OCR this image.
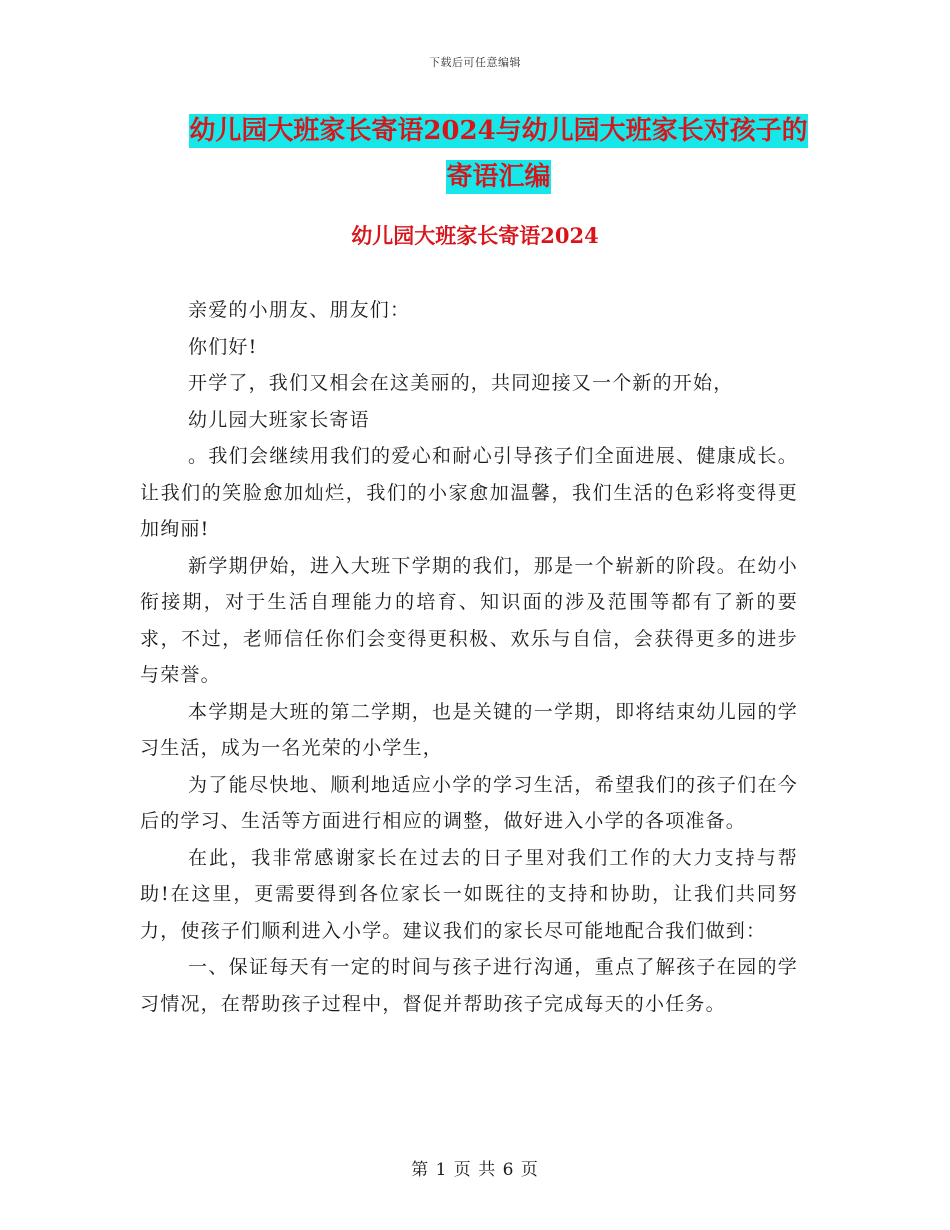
下载后可任意编辑
幼儿园大班家长寄语2024与幼儿园大班家长对孩子的寄语汇编
幼儿园大班家长寄语2024

亲爱的小朋友、朋友们：

你们好!

开学了，我们又相会在这美丽的，共同迎接又一个新的开始，

幼儿园大班家长寄语

。我们会继续用我们的爱心和耐心引导孩子们全面进展、健康成长。让我们的笑脸愈加灿烂，我们的小家愈加温馨，我们生活的色彩将变得更加绚丽!

新学期伊始，进入大班下学期的我们，那是一个崭新的阶段。在幼小衔接期，对于生活自理能力的培育、知识面的涉及范围等都有了新的要求，不过，老师信任你们会变得更积极、欢乐与自信，会获得更多的进步与荣誉。

本学期是大班的第二学期，也是关键的一学期，即将结束幼儿园的学习生活，成为一名光荣的小学生，

为了能尽快地、顺利地适应小学的学习生活，希望我们的孩子们在今后的学习、生活等方面进行相应的调整，做好进入小学的各项准备。

在此，我非常感谢家长在过去的日子里对我们工作的大力支持与帮助!在这里，更需要得到各位家长一如既往的支持和协助，让我们共同努力，使孩子们顺利进入小学。建议我们的家长尽可能地配合我们做到：

一、保证每天有一定的时间与孩子进行沟通，重点了解孩子在园的学习情况，在帮助孩子过程中，督促并帮助孩子完成每天的小任务。

第 1 页 共 6 页
